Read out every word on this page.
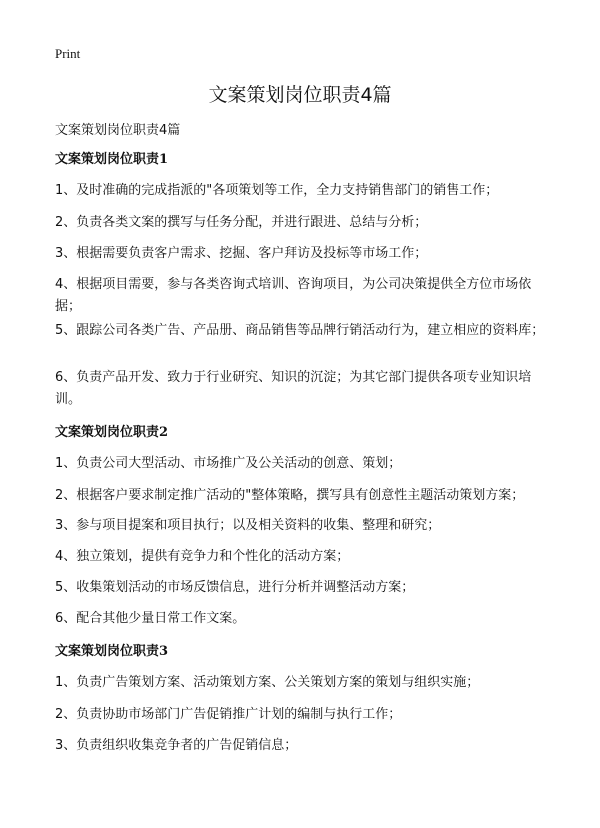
Print
文案策划岗位职责4篇
文案策划岗位职责4篇
文案策划岗位职责1
1、及时准确的完成指派的"各项策划等工作，全力支持销售部门的销售工作；
2、负责各类文案的撰写与任务分配，并进行跟进、总结与分析；
3、根据需要负责客户需求、挖掘、客户拜访及投标等市场工作；
4、根据项目需要，参与各类咨询式培训、咨询项目，为公司决策提供全方位市场依据；
5、跟踪公司各类广告、产品册、商品销售等品牌行销活动行为，建立相应的资料库；
6、负责产品开发、致力于行业研究、知识的沉淀；为其它部门提供各项专业知识培训。
文案策划岗位职责2
1、负责公司大型活动、市场推广及公关活动的创意、策划；
2、根据客户要求制定推广活动的"整体策略，撰写具有创意性主题活动策划方案；
3、参与项目提案和项目执行；以及相关资料的收集、整理和研究；
4、独立策划，提供有竞争力和个性化的活动方案；
5、收集策划活动的市场反馈信息，进行分析并调整活动方案；
6、配合其他少量日常工作文案。
文案策划岗位职责3
1、负责广告策划方案、活动策划方案、公关策划方案的策划与组织实施；
2、负责协助市场部门广告促销推广计划的编制与执行工作；
3、负责组织收集竞争者的广告促销信息；
